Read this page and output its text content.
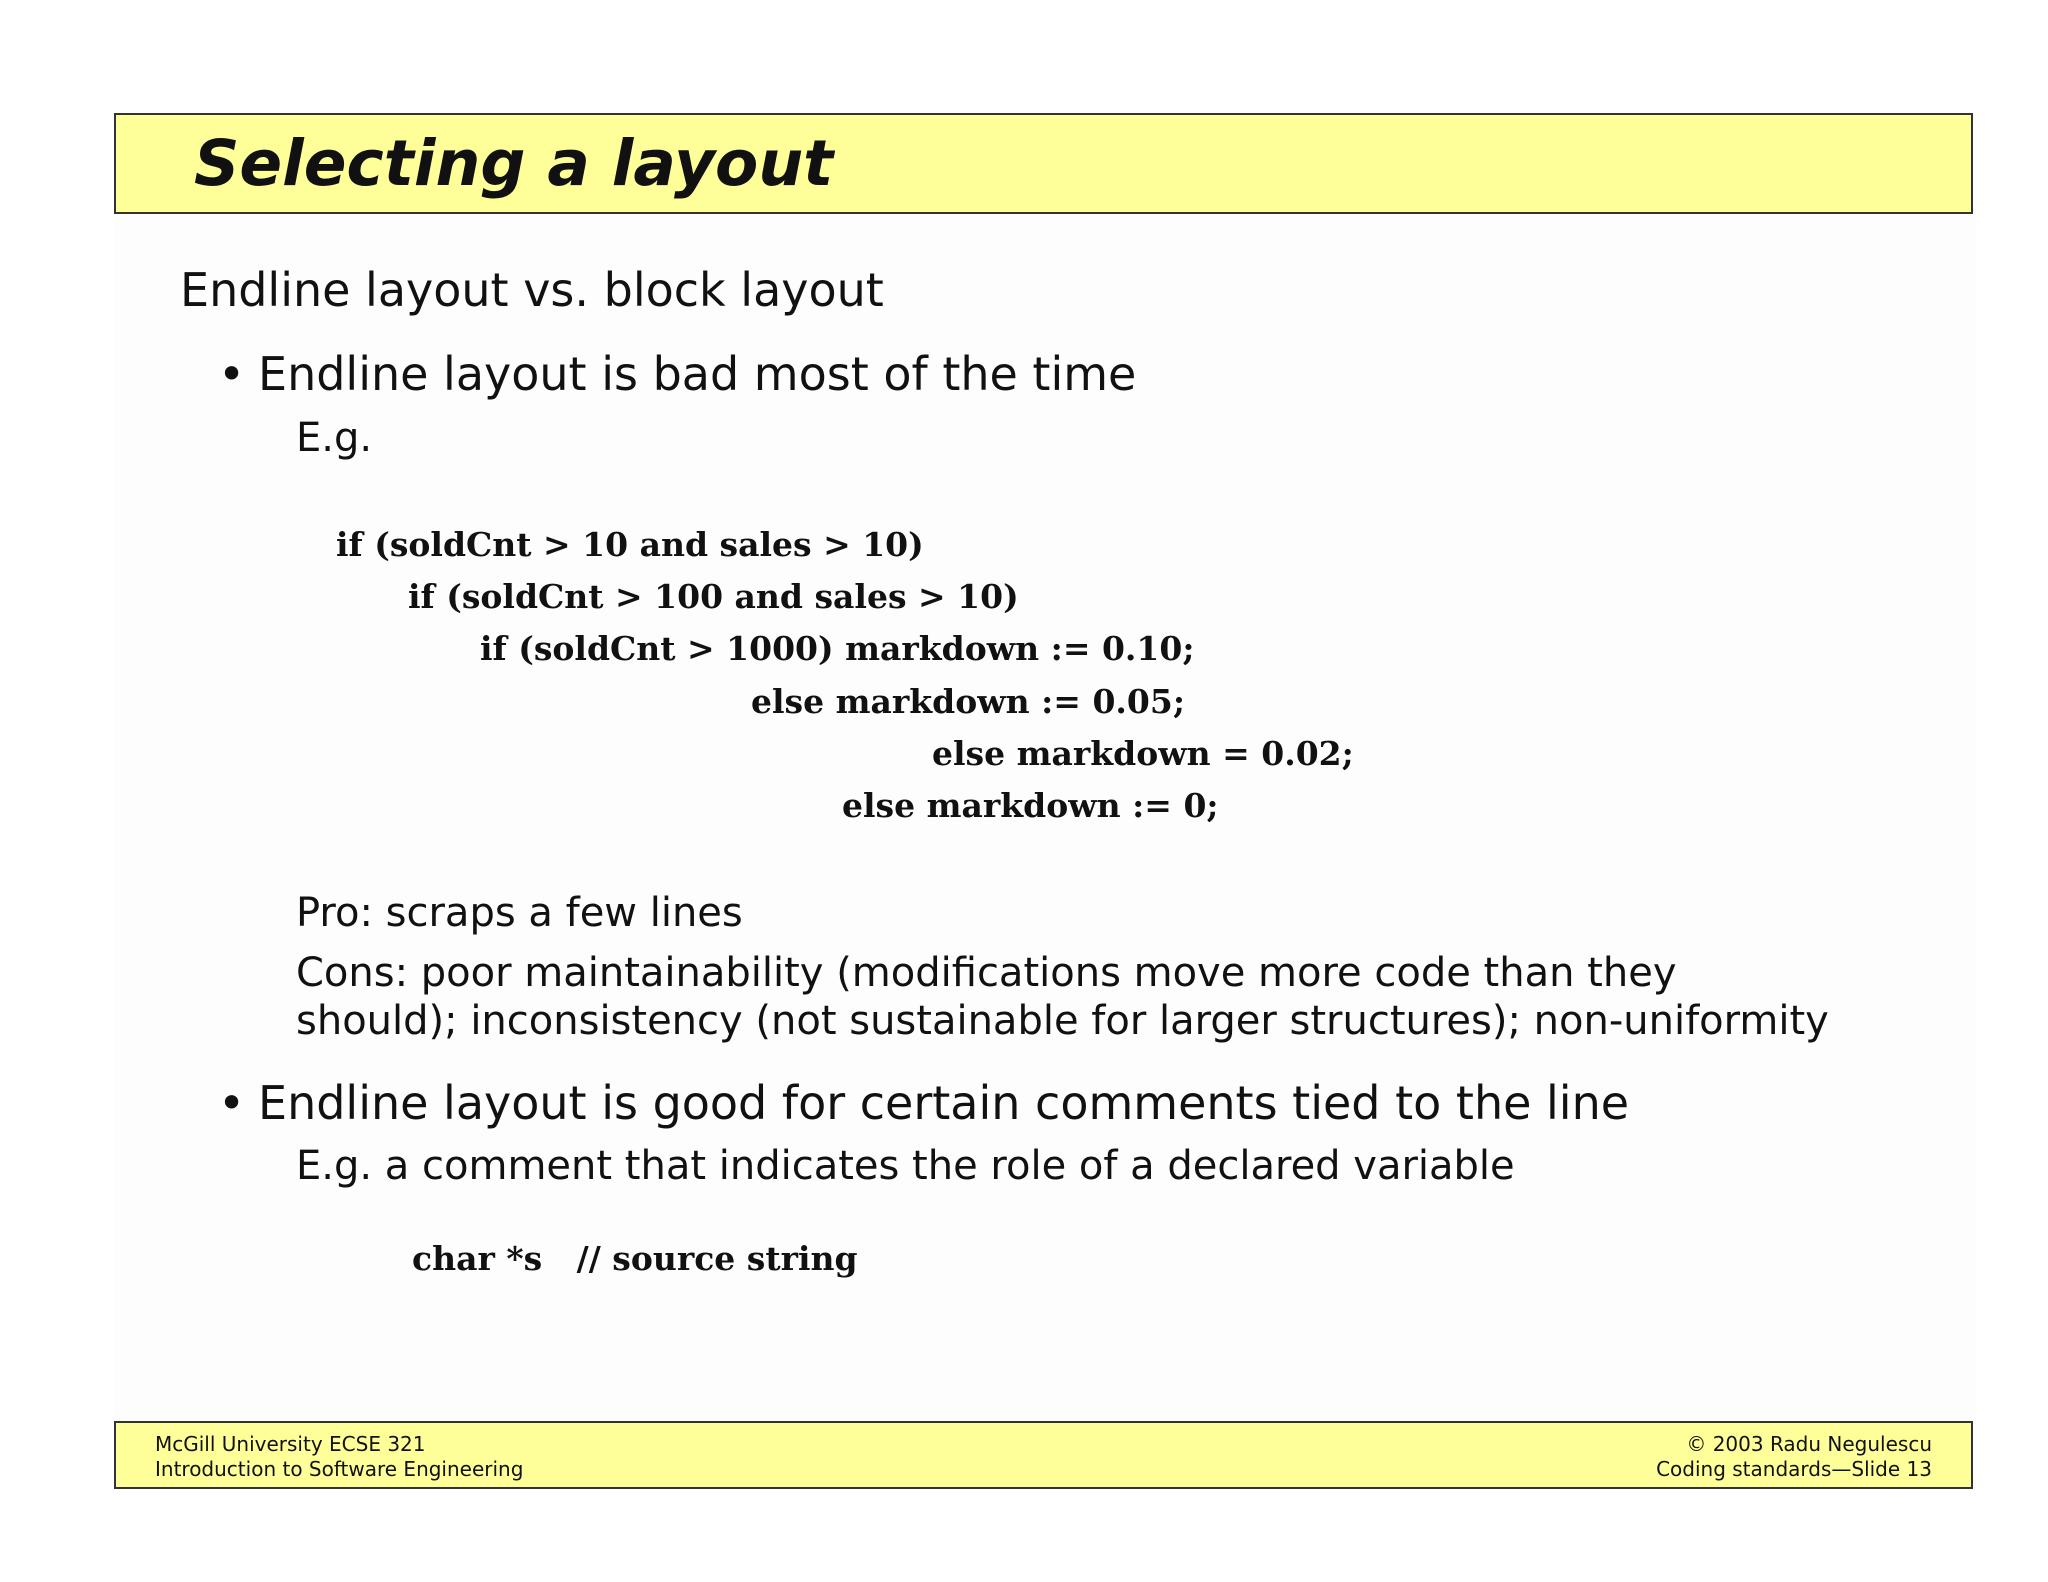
Selecting a layout
Endline layout vs. block layout
• Endline layout is bad most of the time
E.g.
if (soldCnt > 10 and sales > 10)
if (soldCnt > 100 and sales > 10)
if (soldCnt > 1000) markdown := 0.10;
else markdown := 0.05;
else markdown = 0.02;
else markdown := 0;
Pro: scraps a few lines
Cons: poor maintainability (modifications move more code than they
should); inconsistency (not sustainable for larger structures); non-uniformity
• Endline layout is good for certain comments tied to the line
E.g. a comment that indicates the role of a declared variable
char *s   // source string
McGill University ECSE 321
Introduction to Software Engineering
© 2003 Radu Negulescu
Coding standards—Slide 13
